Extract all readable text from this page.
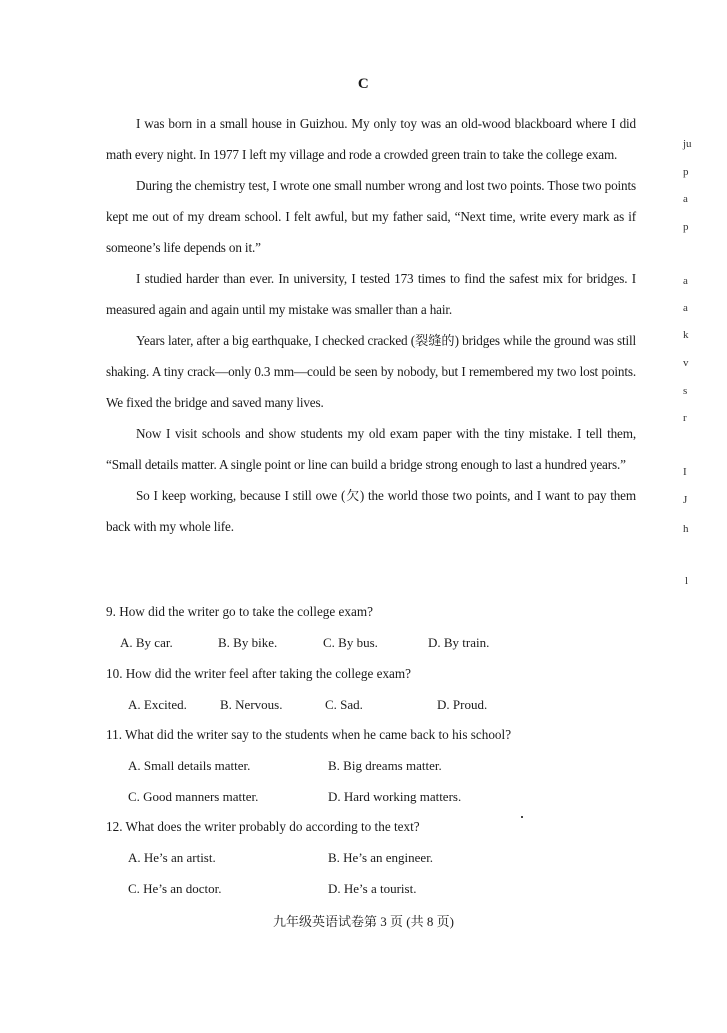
C

I was born in a small house in Guizhou. My only toy was an old-wood blackboard where I did math every night. In 1977 I left my village and rode a crowded green train to take the college exam.

During the chemistry test, I wrote one small number wrong and lost two points. Those two points kept me out of my dream school. I felt awful, but my father said, “Next time, write every mark as if someone’s life depends on it.”

I studied harder than ever. In university, I tested 173 times to find the safest mix for bridges. I measured again and again until my mistake was smaller than a hair.

Years later, after a big earthquake, I checked cracked (裂缝的) bridges while the ground was still shaking. A tiny crack—only 0.3 mm—could be seen by nobody, but I remembered my two lost points. We fixed the bridge and saved many lives.

Now I visit schools and show students my old exam paper with the tiny mistake. I tell them, “Small details matter. A single point or line can build a bridge strong enough to last a hundred years.”

So I keep working, because I still owe (欠) the world those two points, and I want to pay them back with my whole life.

9. How did the writer go to take the college exam?

A. By car.	B. By bike.	C. By bus.	D. By train.

10. How did the writer feel after taking the college exam?

A. Excited.	B. Nervous.	C. Sad.	D. Proud.

11. What did the writer say to the students when he came back to his school?

A. Small details matter.	B. Big dreams matter.
C. Good manners matter.	D. Hard working matters.

12. What does the writer probably do according to the text?

A. He’s an artist.	B. He’s an engineer.
C. He’s an doctor.	D. He’s a tourist.
九年级英语试卷第 3 页 (共 8 页)
ju
p
a
p
a
a
k
v
s
r
I
J
h
l
